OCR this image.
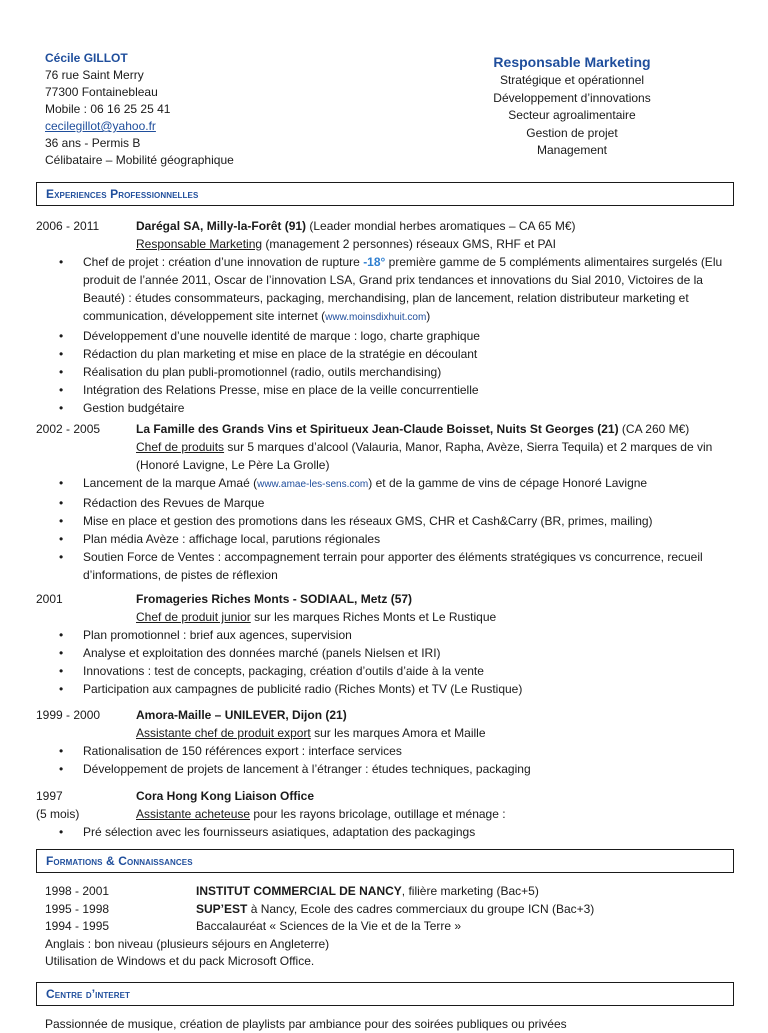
Cécile GILLOT
76 rue Saint Merry
77300 Fontainebleau
Mobile : 06 16 25 25 41
cecilegillot@yahoo.fr
36 ans - Permis B
Célibataire – Mobilité géographique
Responsable Marketing
Stratégique et opérationnel
Développement d’innovations
Secteur agroalimentaire
Gestion de projet
Management
Experiences Professionnelles
2006 - 2011	Darégal SA, Milly-la-Forêt (91) (Leader mondial herbes aromatiques – CA 65 M€)
Responsable Marketing (management 2 personnes) réseaux GMS, RHF et PAI
• Chef de projet : création d’une innovation de rupture -18° première gamme de 5 compléments alimentaires surgelés (Elu produit de l’année 2011, Oscar de l’innovation LSA, Grand prix tendances et innovations du Sial 2010, Victoires de la Beauté) : études consommateurs, packaging, merchandising, plan de lancement, relation distributeur marketing et communication, développement site internet (www.moinsdixhuit.com)
• Développement d’une nouvelle identité de marque : logo, charte graphique
• Rédaction du plan marketing et mise en place de la stratégie en découlant
• Réalisation du plan publi-promotionnel (radio, outils merchandising)
• Intégration des Relations Presse, mise en place de la veille concurrentielle
• Gestion budgétaire
2002 - 2005	La Famille des Grands Vins et Spiritueux Jean-Claude Boisset, Nuits St Georges (21) (CA 260 M€)
Chef de produits sur 5 marques d’alcool (Valauria, Manor, Rapha, Avèze, Sierra Tequila) et 2 marques de vin (Honoré Lavigne, Le Père La Grolle)
• Lancement de la marque Amaé (www.amae-les-sens.com) et de la gamme de vins de cépage Honoré Lavigne
• Rédaction des Revues de Marque
• Mise en place et gestion des promotions dans les réseaux GMS, CHR et Cash&Carry (BR, primes, mailing)
• Plan média Avèze : affichage local, parutions régionales
• Soutien Force de Ventes : accompagnement terrain pour apporter des éléments stratégiques vs concurrence, recueil d’informations, de pistes de réflexion
2001	Fromageries Riches Monts - SODIAAL, Metz (57)
Chef de produit junior sur les marques Riches Monts et Le Rustique
• Plan promotionnel : brief aux agences, supervision
• Analyse et exploitation des données marché (panels Nielsen et IRI)
• Innovations : test de concepts, packaging, création d’outils d’aide à la vente
• Participation aux campagnes de publicité radio (Riches Monts) et TV (Le Rustique)
1999 - 2000	Amora-Maille – UNILEVER, Dijon (21)
Assistante chef de produit export sur les marques Amora et Maille
• Rationalisation de 150 références export : interface services
• Développement de projets de lancement à l’étranger : études techniques, packaging
1997	Cora Hong Kong Liaison Office
(5 mois)	Assistante acheteuse pour les rayons bricolage, outillage et ménage :
• Pré sélection avec les fournisseurs asiatiques, adaptation des packagings
Formations & Connaissances
1998 - 2001	INSTITUT COMMERCIAL DE NANCY, filière marketing (Bac+5)
1995 - 1998	SUP’EST à Nancy, Ecole des cadres commerciaux du groupe ICN (Bac+3)
1994 - 1995	Baccalauréat « Sciences de la Vie et de la Terre »
Anglais : bon niveau (plusieurs séjours en Angleterre)
Utilisation de Windows et du pack Microsoft Office.
Centre d’interet
Passionnée de musique, création de playlists par ambiance pour des soirées publiques ou privées
